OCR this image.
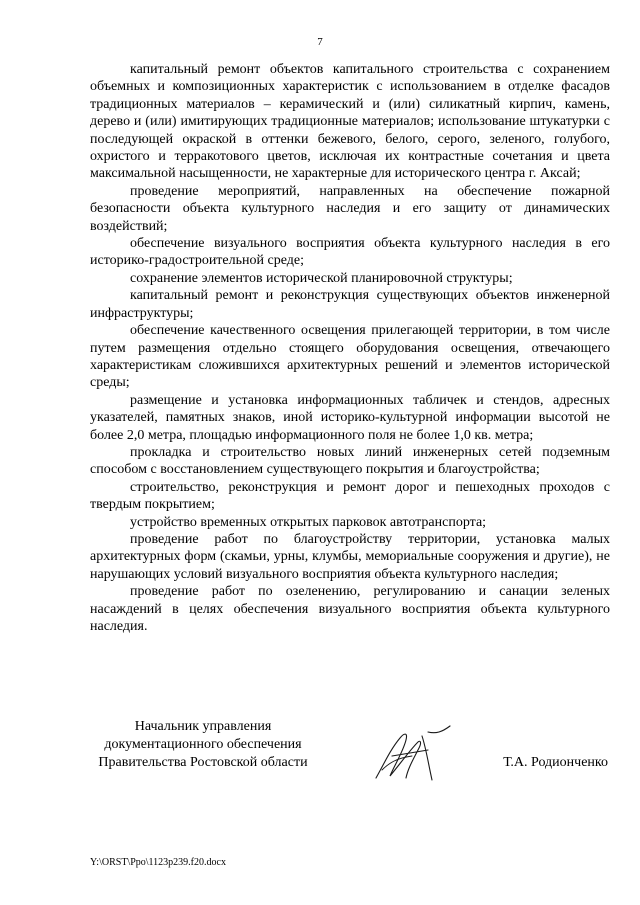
7

капитальный ремонт объектов капитального строительства с сохранением объемных и композиционных характеристик с использованием в отделке фасадов традиционных материалов – керамический и (или) силикатный кирпич, камень, дерево и (или) имитирующих традиционные материалов; использование штукатурки с последующей окраской в оттенки бежевого, белого, серого, зеленого, голубого, охристого и терракотового цветов, исключая их контрастные сочетания и цвета максимальной насыщенности, не характерные для исторического центра г. Аксай;

проведение мероприятий, направленных на обеспечение пожарной безопасности объекта культурного наследия и его защиту от динамических воздействий;

обеспечение визуального восприятия объекта культурного наследия в его историко-градостроительной среде;

сохранение элементов исторической планировочной структуры;

капитальный ремонт и реконструкция существующих объектов инженерной инфраструктуры;

обеспечение качественного освещения прилегающей территории, в том числе путем размещения отдельно стоящего оборудования освещения, отвечающего характеристикам сложившихся архитектурных решений и элементов исторической среды;

размещение и установка информационных табличек и стендов, адресных указателей, памятных знаков, иной историко-культурной информации высотой не более 2,0 метра, площадью информационного поля не более 1,0 кв. метра;

прокладка и строительство новых линий инженерных сетей подземным способом с восстановлением существующего покрытия и благоустройства;

строительство, реконструкция и ремонт дорог и пешеходных проходов с твердым покрытием;

устройство временных открытых парковок автотранспорта;

проведение работ по благоустройству территории, установка малых архитектурных форм (скамьи, урны, клумбы, мемориальные сооружения и другие), не нарушающих условий визуального восприятия объекта культурного наследия;

проведение работ по озеленению, регулированию и санации зеленых насаждений в целях обеспечения визуального восприятия объекта культурного наследия.

Начальник управления
документационного обеспечения
Правительства Ростовской области	Т.А. Родионченко
Y:\ORST\Ppo\1123p239.f20.docx
